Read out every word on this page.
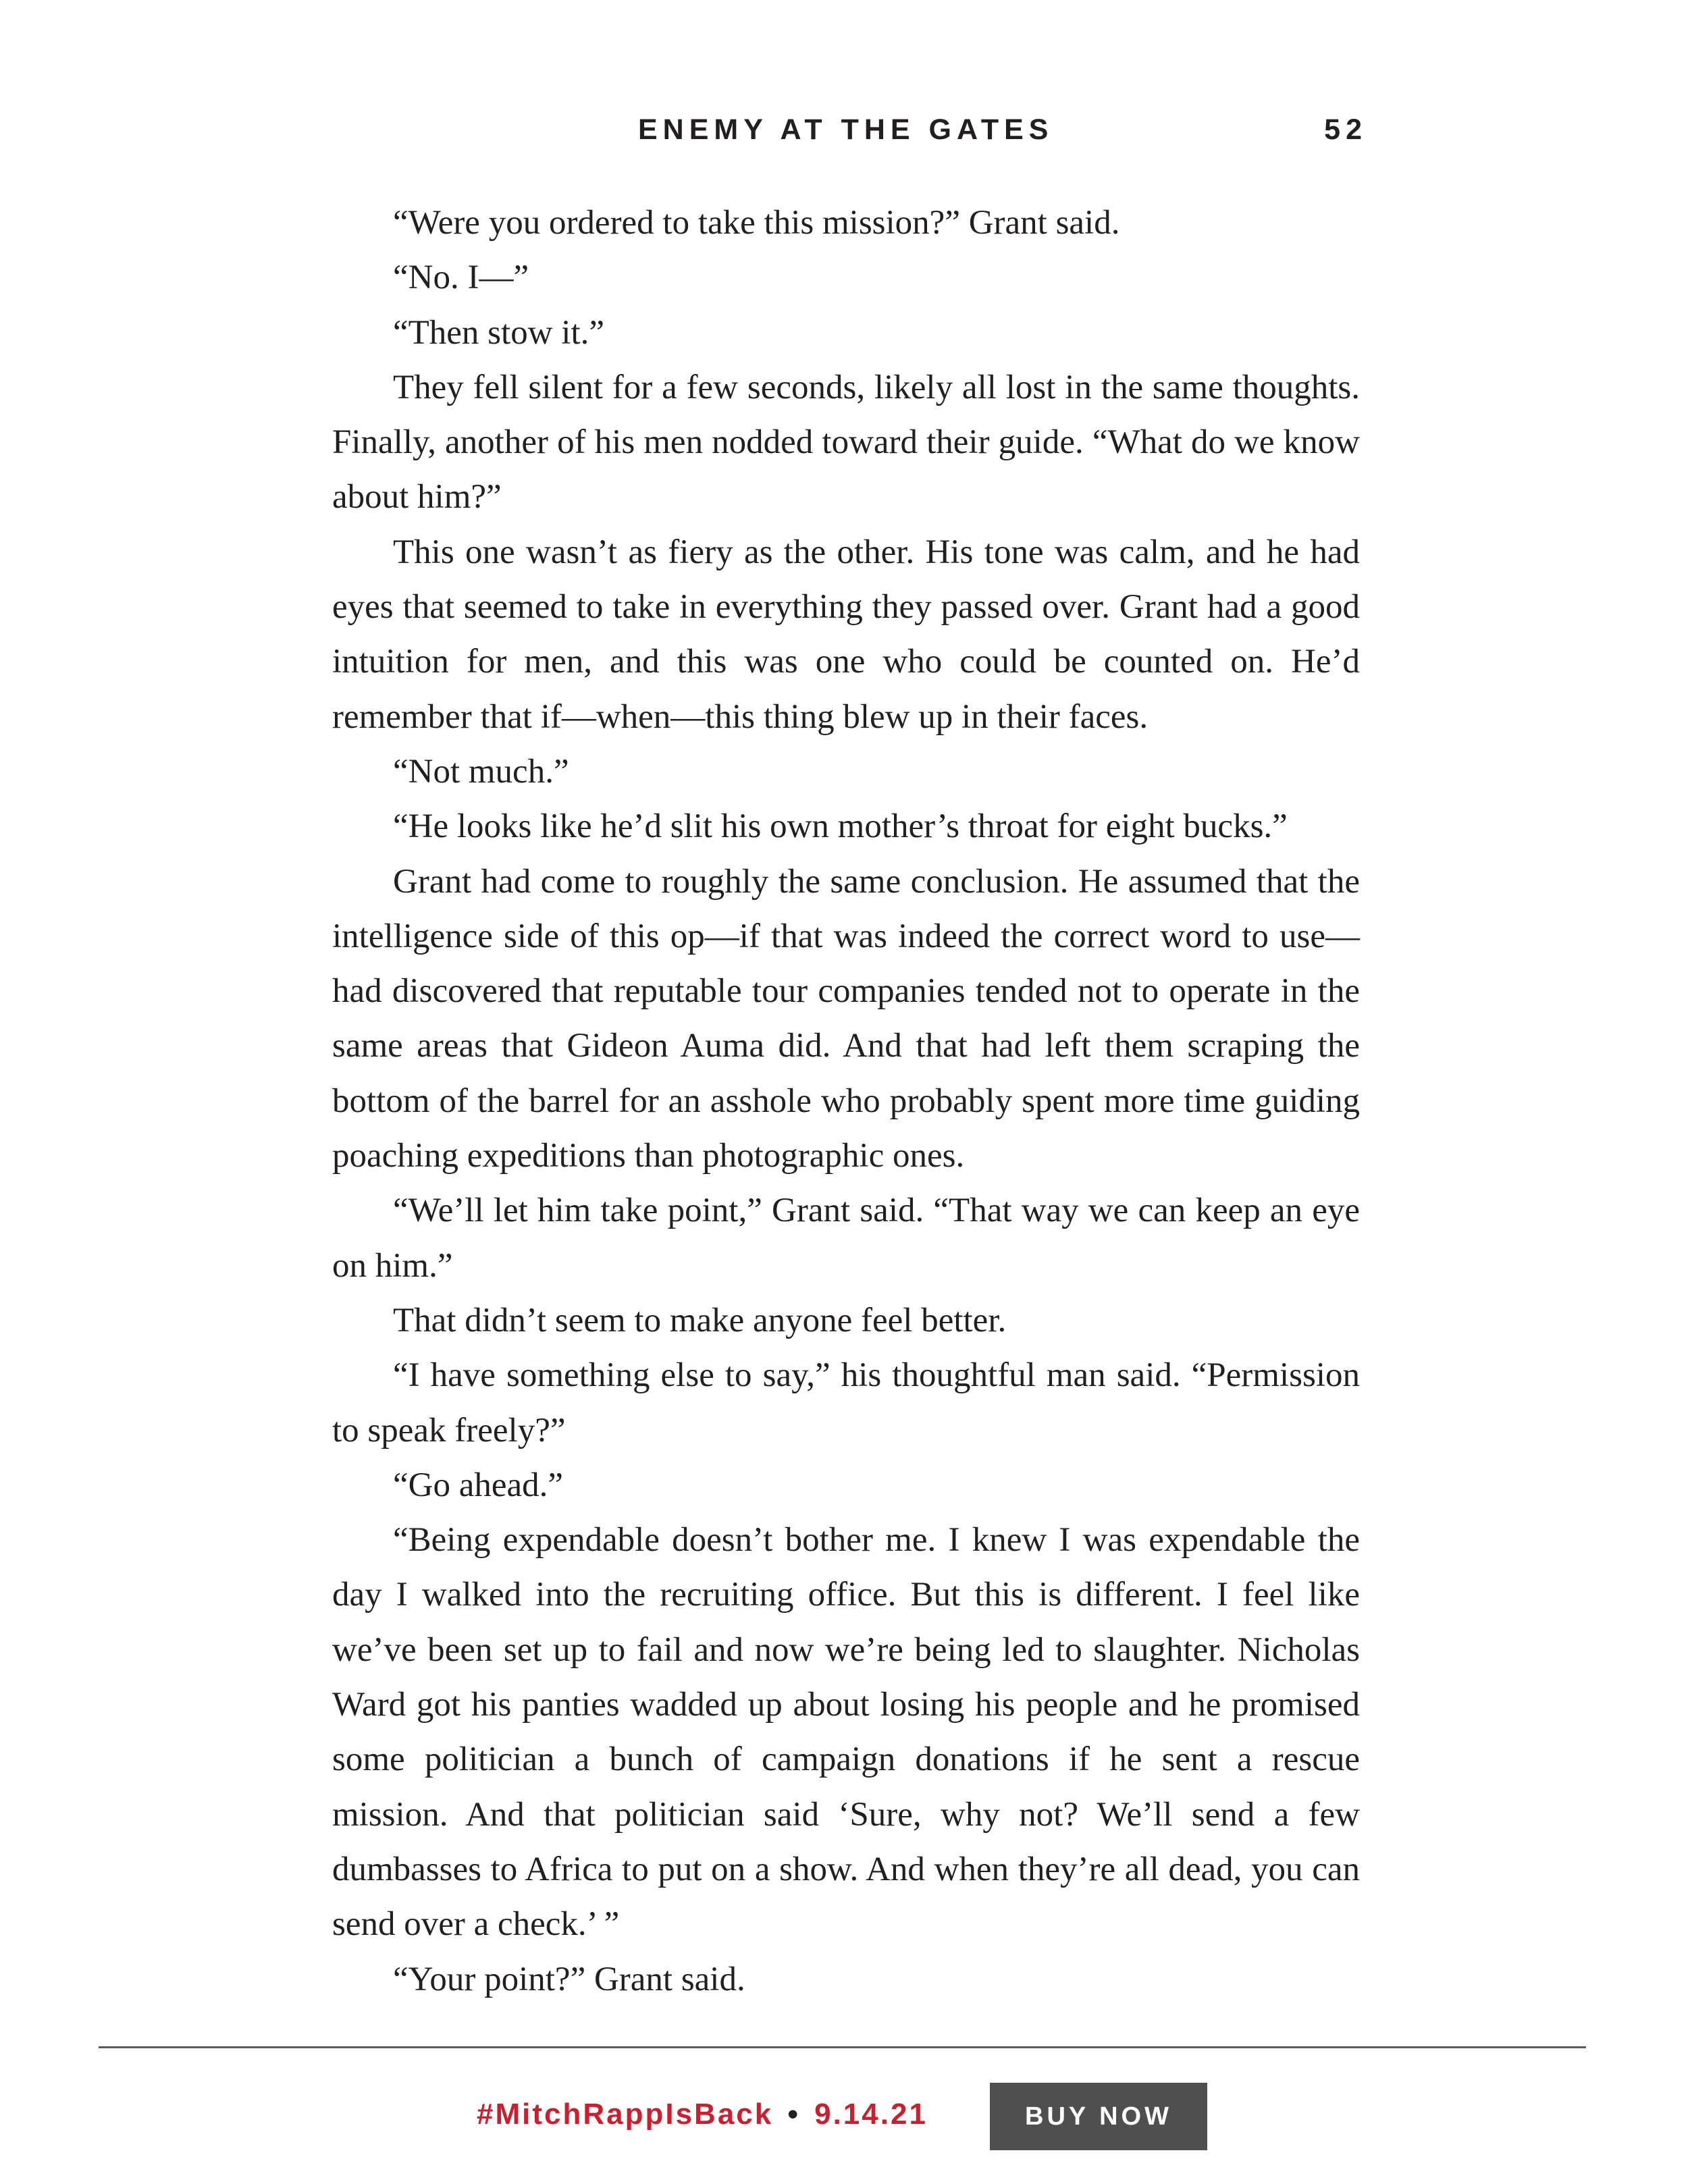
ENEMY AT THE GATES	52

“Were you ordered to take this mission?” Grant said.

“No. I—”

“Then stow it.”

They fell silent for a few seconds, likely all lost in the same thoughts. Finally, another of his men nodded toward their guide. “What do we know about him?”

This one wasn’t as fiery as the other. His tone was calm, and he had eyes that seemed to take in everything they passed over. Grant had a good intuition for men, and this was one who could be counted on. He’d remember that if—when—this thing blew up in their faces.

“Not much.”

“He looks like he’d slit his own mother’s throat for eight bucks.”

Grant had come to roughly the same conclusion. He assumed that the intelligence side of this op—if that was indeed the correct word to use—had discovered that reputable tour companies tended not to operate in the same areas that Gideon Auma did. And that had left them scraping the bottom of the barrel for an asshole who probably spent more time guiding poaching expeditions than photographic ones.

“We’ll let him take point,” Grant said. “That way we can keep an eye on him.”

That didn’t seem to make anyone feel better.

“I have something else to say,” his thoughtful man said. “Permission to speak freely?”

“Go ahead.”

“Being expendable doesn’t bother me. I knew I was expendable the day I walked into the recruiting office. But this is different. I feel like we’ve been set up to fail and now we’re being led to slaughter. Nicholas Ward got his panties wadded up about losing his people and he promised some politician a bunch of campaign donations if he sent a rescue mission. And that politician said ‘Sure, why not? We’ll send a few dumbasses to Africa to put on a show. And when they’re all dead, you can send over a check.’ ”

“Your point?” Grant said.

#MitchRappIsBack • 9.14.21	BUY NOW
